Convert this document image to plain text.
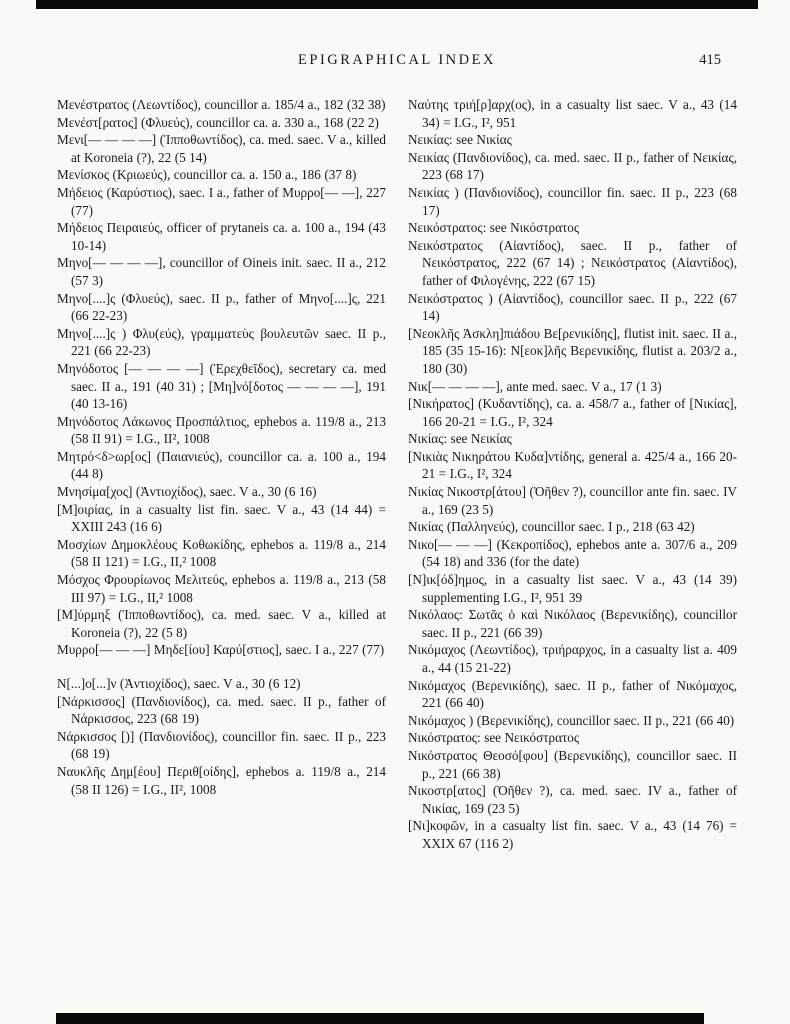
EPIGRAPHICAL INDEX	415

Μενέστρατος (Λεωντίδος), councillor a. 185/4 a., 182 (32 38)

Μενέστ[ρατος] (Φλυεύς), councillor ca. a. 330 a., 168 (22 2)

Μενι[— — — —] (Ἱπποθωντίδος), ca. med. saec. V a., killed at Koroneia (?), 22 (5 14)

Μενίσκος (Κριωεύς), councillor ca. a. 150 a., 186 (37 8)

Μήδειος (Καρύστιος), saec. I a., father of Μυρρο[— —], 227 (77)

Μήδειος Πειραιεύς, officer of prytaneis ca. a. 100 a., 194 (43 10-14)

Μηνο[— — — —], councillor of Oineis init. saec. II a., 212 (57 3)

Μηνο[....]ς (Φλυεύς), saec. II p., father of Μηνο[....]ς, 221 (66 22-23)

Μηνο[....]ς ) Φλυ(εύς), γραμματεὺς βουλευτῶν saec. II p., 221 (66 22-23)

Μηνόδοτος [— — — —] (Ἐρεχθεῖδος), secretary ca. med saec. II a., 191 (40 31) ; [Μη]νό[δοτος — — — —], 191 (40 13-16)

Μηνόδοτος Λάκωνος Προσπάλτιος, ephebos a. 119/8 a., 213 (58 II 91) = I.G., II², 1008

Μητρό<δ>ωρ[ος] (Παιανιεύς), councillor ca. a. 100 a., 194 (44 8)

Μνησίμα[χος] (Ἀντιοχίδος), saec. V a., 30 (6 16)

[Μ]οιρίας, in a casualty list fin. saec. V a., 43 (14 44) = XXIII 243 (16 6)

Μοσχίων Δημοκλέους Κοθωκίδης, ephebos a. 119/8 a., 214 (58 II 121) = I.G., II,² 1008

Μόσχος Φρουρίωνος Μελιτεύς, ephebos a. 119/8 a., 213 (58 III 97) = I.G., II,² 1008

[Μ]ύρμηξ (Ἱπποθωντίδος), ca. med. saec. V a., killed at Koroneia (?), 22 (5 8)

Μυρρο[— — —] Μηδε[ίου] Καρύ[στιος], saec. I a., 227 (77)

Ν[...]ο[...]ν (Ἀντιοχίδος), saec. V a., 30 (6 12)

[Νάρκισσος] (Πανδιονίδος), ca. med. saec. II p., father of Νάρκισσος, 223 (68 19)

Νάρκισσος [)] (Πανδιονίδος), councillor fin. saec. II p., 223 (68 19)

Ναυκλῆς Δημ[έου] Περιθ[οίδης], ephebos a. 119/8 a., 214 (58 II 126) = I.G., II², 1008

Ναύτης τριή[ρ]αρχ(ος), in a casualty list saec. V a., 43 (14 34) = I.G., I², 951

Νεικίας: see Νικίας

Νεικίας (Πανδιονίδος), ca. med. saec. II p., father of Νεικίας, 223 (68 17)

Νεικίας ) (Πανδιονίδος), councillor fin. saec. II p., 223 (68 17)

Νεικόστρατος: see Νικόστρατος

Νεικόστρατος (Αἰαντίδος), saec. II p., father of Νεικόστρατος, 222 (67 14) ; Νεικόστρατος (Αἰαντίδος), father of Φιλογένης, 222 (67 15)

Νεικόστρατος ) (Αἰαντίδος), councillor saec. II p., 222 (67 14)

[Νεοκλῆς Ἀσκλη]πιάδου Βε[ρενικίδης], flutist init. saec. II a., 185 (35 15-16): Ν[εοκ]λῆς Βερενικίδης, flutist a. 203/2 a., 180 (30)

Νικ[— — — —], ante med. saec. V a., 17 (1 3)

[Νικήρατος] (Κυδαντίδης), ca. a. 458/7 a., father of [Νικίας], 166 20-21 = I.G., I², 324

Νικίας: see Νεικίας

[Νικιὰς Νικηράτου Κυδα]ντίδης, general a. 425/4 a., 166 20-21 = I.G., I², 324

Νικίας Νικοστρ[άτου] (Ὀῆθεν ?), councillor ante fin. saec. IV a., 169 (23 5)

Νικίας (Παλληνεύς), councillor saec. I p., 218 (63 42)

Νικο[— — —] (Κεκροπίδος), ephebos ante a. 307/6 a., 209 (54 18) and 336 (for the date)

[Ν]ικ[όδ]ημος, in a casualty list saec. V a., 43 (14 39) supplementing I.G., I², 951 39

Νικόλαος: Σωτᾶς ὁ καὶ Νικόλαος (Βερενικίδης), councillor saec. II p., 221 (66 39)

Νικόμαχος (Λεωντίδος), τριήραρχος, in a casualty list a. 409 a., 44 (15 21-22)

Νικόμαχος (Βερενικίδης), saec. II p., father of Νικόμαχος, 221 (66 40)

Νικόμαχος ) (Βερενικίδης), councillor saec. II p., 221 (66 40)

Νικόστρατος: see Νεικόστρατος

Νικόστρατος Θεοσό[φου] (Βερενικίδης), councillor saec. II p., 221 (66 38)

Νικοστρ[ατος] (Ὀῆθεν ?), ca. med. saec. IV a., father of Νικίας, 169 (23 5)

[Νι]κοφῶν, in a casualty list fin. saec. V a., 43 (14 76) = XXIX 67 (116 2)
